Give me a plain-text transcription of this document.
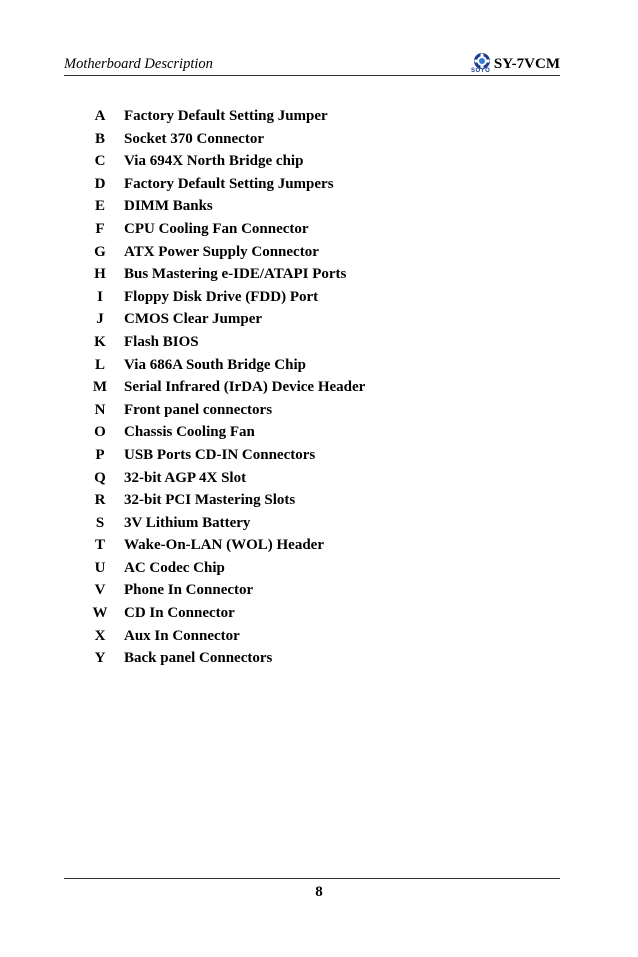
Motherboard Description	SOYO SY-7VCM
A	Factory Default Setting Jumper
B	Socket 370 Connector
C	Via 694X North Bridge chip
D	Factory Default Setting Jumpers
E	DIMM Banks
F	CPU Cooling Fan Connector
G	ATX Power Supply Connector
H	Bus Mastering e-IDE/ATAPI Ports
I	Floppy Disk Drive (FDD) Port
J	CMOS Clear Jumper
K	Flash BIOS
L	Via 686A South Bridge Chip
M	Serial Infrared (IrDA) Device Header
N	Front panel connectors
O	Chassis Cooling Fan
P	USB Ports CD-IN Connectors
Q	32-bit AGP 4X Slot
R	32-bit PCI Mastering Slots
S	3V Lithium Battery
T	Wake-On-LAN (WOL) Header
U	AC Codec Chip
V	Phone In Connector
W	CD In Connector
X	Aux In Connector
Y	Back panel Connectors
8
